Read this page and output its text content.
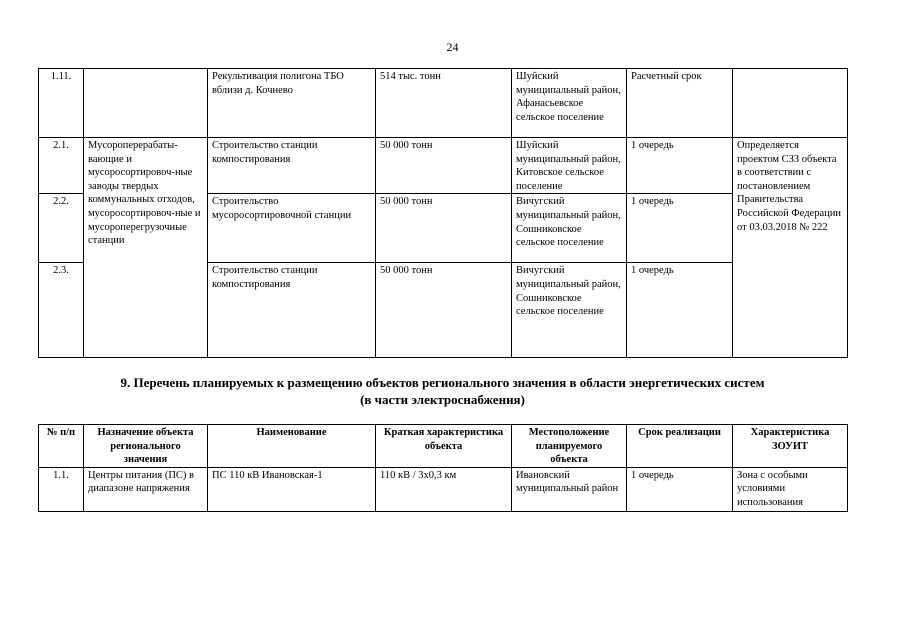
24
1.11.		Рекультивация полигона ТБО вблизи д. Кочнево	514 тыс. тонн	Шуйский муниципальный район, Афанасьевское сельское поселение	Расчетный срок	
2.1.	Мусороперерабаты-вающие и мусоросортировоч-ные заводы твердых коммунальных отходов, мусоросортировоч-ные и мусороперегрузочные станции	Строительство станции компостирования	50 000 тонн	Шуйский муниципальный район, Китовское сельское поселение	1 очередь	Определяется проектом СЗЗ объекта в соответствии с постановлением Правительства Российской Федерации от 03.03.2018 № 222
2.2.		Строительство мусоросортировочной станции	50 000 тонн	Вичугский муниципальный район, Сошниковское сельское поселение	1 очередь	
2.3.		Строительство станции компостирования	50 000 тонн	Вичугский муниципальный район, Сошниковское сельское поселение	1 очередь	
9. Перечень планируемых к размещению объектов регионального значения в области энергетических систем
(в части электроснабжения)
№ п/п	Назначение объекта регионального значения	Наименование	Краткая характеристика объекта	Местоположение планируемого объекта	Срок реализации	Характеристика ЗОУИТ
1.1.	Центры питания (ПС) в диапазоне напряжения	ПС 110 кВ Ивановская-1	110 кВ / 3х0,3 км	Ивановский муниципальный район	1 очередь	Зона с особыми условиями использования
